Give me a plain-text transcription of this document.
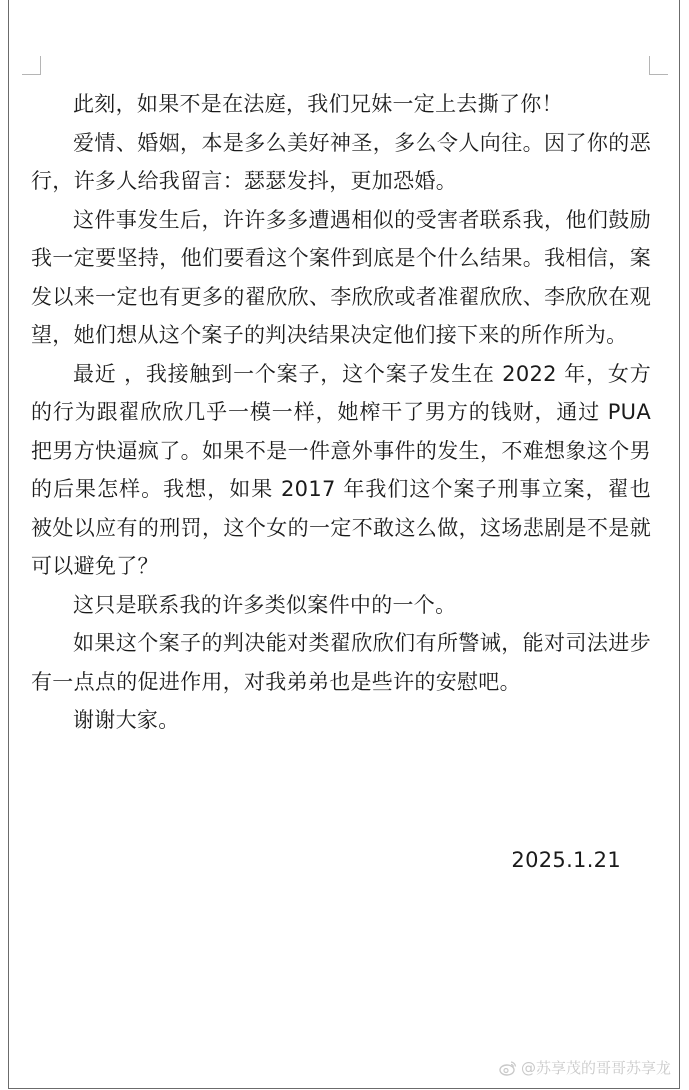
此刻，如果不是在法庭，我们兄妹一定上去撕了你！

爱情、婚姻，本是多么美好神圣，多么令人向往。因了你的恶行，许多人给我留言：瑟瑟发抖，更加恐婚。

这件事发生后，许许多多遭遇相似的受害者联系我，他们鼓励我一定要坚持，他们要看这个案件到底是个什么结果。我相信，案发以来一定也有更多的翟欣欣、李欣欣或者准翟欣欣、李欣欣在观望，她们想从这个案子的判决结果决定他们接下来的所作所为。

最近 ，我接触到一个案子，这个案子发生在 2022 年，女方的行为跟翟欣欣几乎一模一样，她榨干了男方的钱财，通过 PUA 把男方快逼疯了。如果不是一件意外事件的发生，不难想象这个男的后果怎样。我想，如果 2017 年我们这个案子刑事立案，翟也被处以应有的刑罚，这个女的一定不敢这么做，这场悲剧是不是就可以避免了？

这只是联系我的许多类似案件中的一个。

如果这个案子的判决能对类翟欣欣们有所警诫，能对司法进步有一点点的促进作用，对我弟弟也是些许的安慰吧。

谢谢大家。

2025.1.21
@苏享茂的哥哥苏享龙
